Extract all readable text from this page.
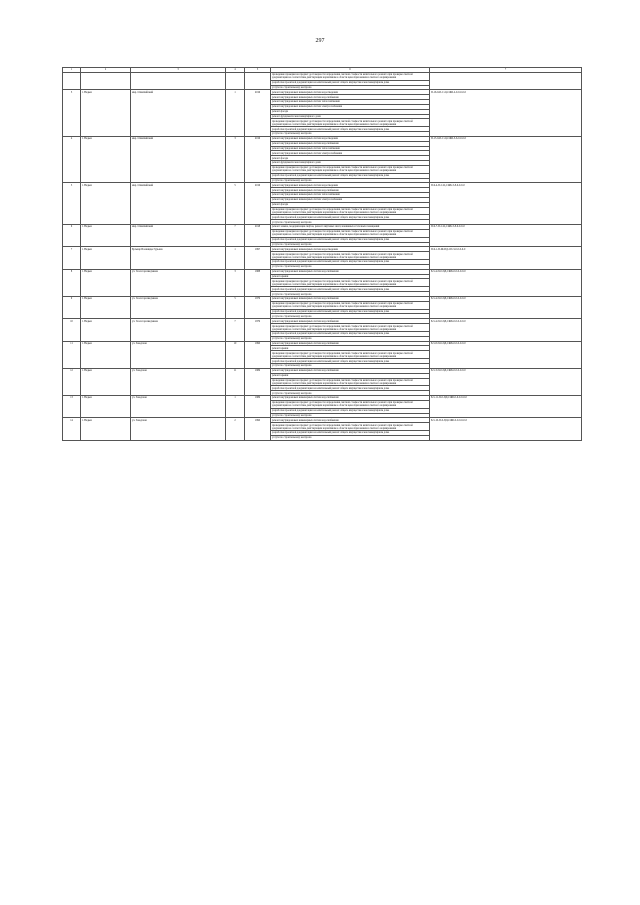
297
1	2	3	4	5	6	7
					проведение проверки на предмет достоверности определения сметной стоимости капитального ремонта при проверке сметной документации на соответствие действующим нормативам в области ценообразования и сметного нормирования	
					разработка проектной документации на капитальный ремонт общего имущества в многоквартирном доме	
					услуги по строительному контролю	
3	г. Надым	мкр. Олимпийский	1	2016	ремонт внутридомовых инженерных систем водоотведения	П-16-9-П-С-Ц-СЖБ-2-0-0-0-0-0
					ремонт внутридомовых инженерных систем водоснабжения	
					ремонт внутридомовых инженерных систем теплоснабжения	
					ремонт внутридомовых инженерных систем электроснабжения	
					ремонт фасада	
					ремонт фундамента многоквартирного дома	
					проведение проверки на предмет достоверности определения сметной стоимости капитального ремонта при проверке сметной документации на соответствие действующим нормативам в области ценообразования и сметного нормирования	
					разработка проектной документации на капитальный ремонт общего имущества в многоквартирном доме	
					услуги по строительному контролю	
4	г. Надым	мкр. Олимпийский	3	2016	ремонт внутридомовых инженерных систем водоотведения	П-15-9-П-С-Ц-СЖБ-3-6-0-0-0-0
					ремонт внутридомовых инженерных систем водоснабжения	
					ремонт внутридомовых инженерных систем теплоснабжения	
					ремонт внутридомовых инженерных систем электроснабжения	
					ремонт фасада	
					ремонт фундамента многоквартирного дома	
					проведение проверки на предмет достоверности определения сметной стоимости капитального ремонта при проверке сметной документации на соответствие действующим нормативам в области ценообразования и сметного нормирования	
					разработка проектной документации на капитальный ремонт общего имущества в многоквартирном доме	
					услуги по строительному контролю	
5	г. Надым	мкр. Олимпийский	5	2016	ремонт внутридомовых инженерных систем водоотведения	П-9-4-П-С-Ц-СЖБ-3-8-0-0-0-0
					ремонт внутридомовых инженерных систем водоснабжения	
					ремонт внутридомовых инженерных систем теплоснабжения	
					ремонт внутридомовых инженерных систем электроснабжения	
					ремонт фасада	
					проведение проверки на предмет достоверности определения сметной стоимости капитального ремонта при проверке сметной документации на соответствие действующим нормативам в области ценообразования и сметного нормирования	
					разработка проектной документации на капитальный ремонт общего имущества в многоквартирном доме	
					услуги по строительному контролю	
6	г. Надым	мкр. Олимпийский	7	2018	ремонт замена, модернизация лифтов, ремонт лифтовых шахт, машинных и блочных помещений	П-9-7-П-С-Ц-СЖБ-3-8-0-0-0-0
					проведение проверки на предмет достоверности определения сметной стоимости капитального ремонта при проверке сметной документации на соответствие действующим нормативам в области ценообразования и сметного нормирования	
					разработка проектной документации на капитальный ремонт общего имущества в многоквартирном доме	
					услуги по строительному контролю	
7	г. Надым	Бульвар Иоанниды Гурьяна	1	1997	ремонт внутридомовых инженерных систем водоотведения	П-9-1-П-Ш-ПД-СП-3-0-0-0-0-0
					проведение проверки на предмет достоверности определения сметной стоимости капитального ремонта при проверке сметной документации на соответствие действующим нормативам в области ценообразования и сметного нормирования	
					разработка проектной документации на капитальный ремонт общего имущества в многоквартирном доме	
					услуги по строительному контролю	
8	г. Надым	ул. Геологоразведчиков	3	1988	ремонт внутридомовых инженерных систем водоснабжения	Б-5-4-П-0-ПД-СЖБ-0-0-0-0-0-0
					ремонт крыши	
					проведение проверки на предмет достоверности определения сметной стоимости капитального ремонта при проверке сметной документации на соответствие действующим нормативам в области ценообразования и сметного нормирования	
					разработка проектной документации на капитальный ремонт общего имущества в многоквартирном доме	
					услуги по строительному контролю	
9	г. Надым	ул. Геологоразведчиков	5	1979	ремонт внутридомовых инженерных систем водоснабжения	Б-5-4-П-0-ПД-СЖБ-0-0-0-0-0-0
					проведение проверки на предмет достоверности определения сметной стоимости капитального ремонта при проверке сметной документации на соответствие действующим нормативам в области ценообразования и сметного нормирования	
					разработка проектной документации на капитальный ремонт общего имущества в многоквартирном доме	
					услуги по строительному контролю	
10	г. Надым	ул. Геологоразведчиков	7	1979	ремонт внутридомовых инженерных систем водоснабжения	Б-5-4-П-0-ПД-СЖБ-0-0-0-0-0-0
					проведение проверки на предмет достоверности определения сметной стоимости капитального ремонта при проверке сметной документации на соответствие действующим нормативам в области ценообразования и сметного нормирования	
					разработка проектной документации на капитальный ремонт общего имущества в многоквартирном доме	
					услуги по строительному контролю	
11	г. Надым	ул. Заводская	10	1990	ремонт внутридомовых инженерных систем водоснабжения	Б-5-8-П-6-ПД-СЖБ-0-0-0-0-0-0
					ремонт крыши	
					проведение проверки на предмет достоверности определения сметной стоимости капитального ремонта при проверке сметной документации на соответствие действующим нормативам в области ценообразования и сметного нормирования	
					разработка проектной документации на капитальный ремонт общего имущества в многоквартирном доме	
					услуги по строительному контролю	
12	г. Надым	ул. Заводская	11	1989	ремонт внутридомовых инженерных систем водоснабжения	Б-5-3-П-0-ПД-СЖБ-0-0-0-0-0-0
					ремонт крыши	
					проведение проверки на предмет достоверности определения сметной стоимости капитального ремонта при проверке сметной документации на соответствие действующим нормативам в области ценообразования и сметного нормирования	
					разработка проектной документации на капитальный ремонт общего имущества в многоквартирном доме	
					услуги по строительному контролю	
13	г. Надым	ул. Заводская	1	1989	ремонт внутридомовых инженерных систем водоснабжения	Б-5-11-П-0-ПД-СЖБ-0-0-0-0-0-0
					проведение проверки на предмет достоверности определения сметной стоимости капитального ремонта при проверке сметной документации на соответствие действующим нормативам в области ценообразования и сметного нормирования	
					разработка проектной документации на капитальный ремонт общего имущества в многоквартирном доме	
					услуги по строительному контролю	
14	г. Надым	ул. Заводская	2	1990	ремонт внутридомовых инженерных систем водоснабжения	Б-5-10-П-0-ПД-СЖБ-0-0-0-0-0-0
					проведение проверки на предмет достоверности определения сметной стоимости капитального ремонта при проверке сметной документации на соответствие действующим нормативам в области ценообразования и сметного нормирования	
					разработка проектной документации на капитальный ремонт общего имущества в многоквартирном доме	
					услуги по строительному контролю	
